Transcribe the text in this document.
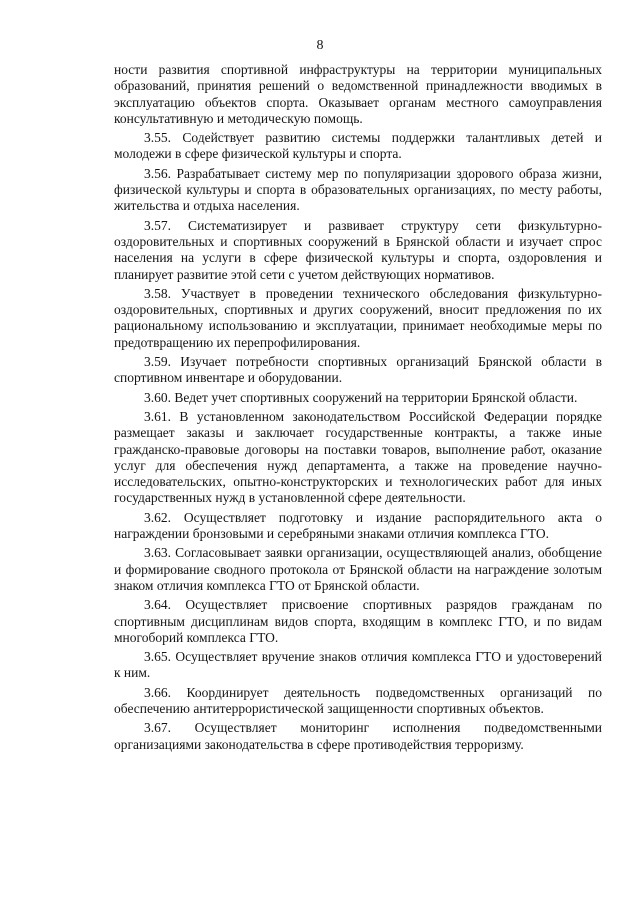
8

ности развития спортивной инфраструктуры на территории муниципальных образований, принятия решений о ведомственной принадлежности вводимых в эксплуатацию объектов спорта. Оказывает органам местного самоуправления консультативную и методическую помощь.

3.55. Содействует развитию системы поддержки талантливых детей и молодежи в сфере физической культуры и спорта.

3.56. Разрабатывает систему мер по популяризации здорового образа жизни, физической культуры и спорта в образовательных организациях, по месту работы, жительства и отдыха населения.

3.57. Систематизирует и развивает структуру сети физкультурно-оздоровительных и спортивных сооружений в Брянской области и изучает спрос населения на услуги в сфере физической культуры и спорта, оздоровления и планирует развитие этой сети с учетом действующих нормативов.

3.58. Участвует в проведении технического обследования физкультурно-оздоровительных, спортивных и других сооружений, вносит предложения по их рациональному использованию и эксплуатации, принимает необходимые меры по предотвращению их перепрофилирования.

3.59. Изучает потребности спортивных организаций Брянской области в спортивном инвентаре и оборудовании.

3.60. Ведет учет спортивных сооружений на территории Брянской области.

3.61. В установленном законодательством Российской Федерации порядке размещает заказы и заключает государственные контракты, а также иные гражданско-правовые договоры на поставки товаров, выполнение работ, оказание услуг для обеспечения нужд департамента, а также на проведение научно-исследовательских, опытно-конструкторских и технологических работ для иных государственных нужд в установленной сфере деятельности.

3.62. Осуществляет подготовку и издание распорядительного акта о награждении бронзовыми и серебряными знаками отличия комплекса ГТО.

3.63. Согласовывает заявки организации, осуществляющей анализ, обобщение и формирование сводного протокола от Брянской области на награждение золотым знаком отличия комплекса ГТО от Брянской области.

3.64. Осуществляет присвоение спортивных разрядов гражданам по спортивным дисциплинам видов спорта, входящим в комплекс ГТО, и по видам многоборий комплекса ГТО.

3.65. Осуществляет вручение знаков отличия комплекса ГТО и удостоверений к ним.

3.66. Координирует деятельность подведомственных организаций по обеспечению антитеррористической защищенности спортивных объектов.

3.67. Осуществляет мониторинг исполнения подведомственными организациями законодательства в сфере противодействия терроризму.
